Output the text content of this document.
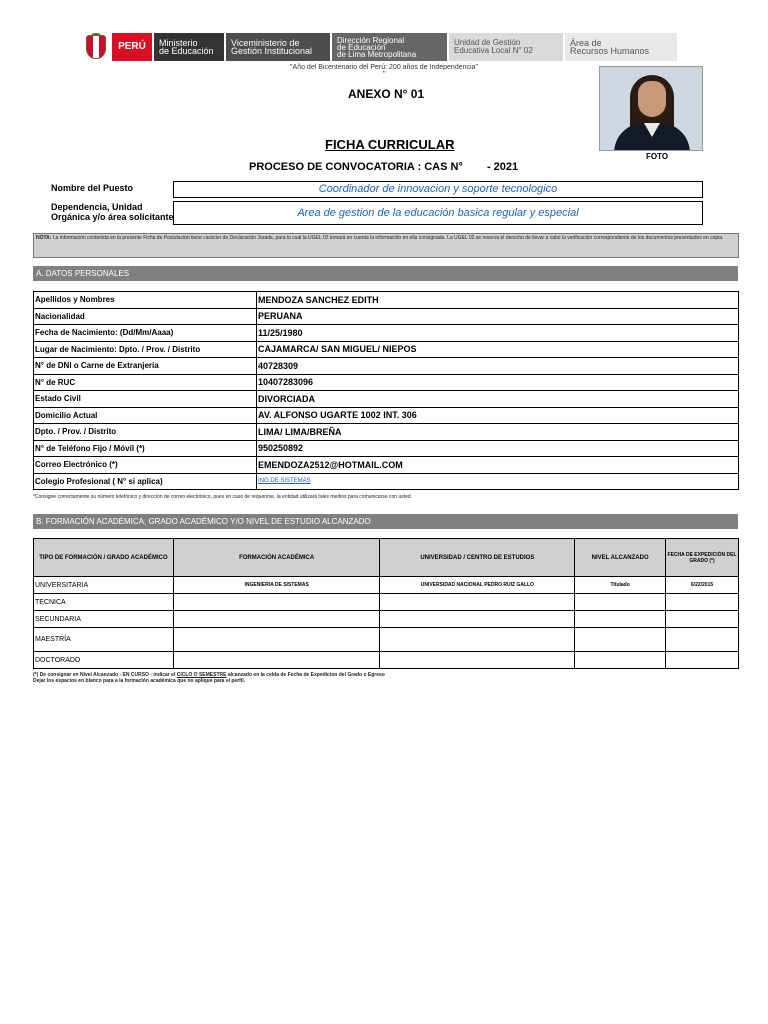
PERÚ Ministerio
de Educación
Viceministerio de
Gestión Institucional
Dirección Regional
de Educación
de Lima Metropolitana
Unidad de Gestión
Educativa Local N° 02
Área de
Recursos Humanos
"Año del Bicentenario del Perú: 200 años de Independencia"
"
ANEXO N° 01
FOTO
FICHA CURRICULAR
PROCESO DE CONVOCATORIA : CAS N° - 2021
Nombre del Puesto	Coordinador de innovacion y soporte tecnologico
Dependencia, Unidad
Orgánica y/o área solicitante	Area de gestion de la educación basica regular y especial
NOTA: La información contenida en la presente Ficha de Postulación tiene carácter de Declaración Jurada, para lo cual la UGEL 02 tomará en cuenta la información en ella consignada. La UGEL 02 se reserva el derecho de llevar a cabo la verificación correspondiente de los documentos presentados en copia.
A. DATOS PERSONALES
Apellidos y Nombres	MENDOZA SANCHEZ EDITH
Nacionalidad	PERUANA
Fecha de Nacimiento: (Dd/Mm/Aaaa)	11/25/1980
Lugar de Nacimiento: Dpto. / Prov. / Distrito	CAJAMARCA/ SAN MIGUEL/ NIEPOS
N° de DNI o Carne de Extranjería	40728309
N° de RUC	10407283096
Estado Civil	DIVORCIADA
Domicilio Actual	AV. ALFONSO UGARTE 1002 INT. 306
Dpto. / Prov. / Distrito	LIMA/ LIMA/BREÑA
N° de Teléfono Fijo / Móvil (*)	950250892
Correo Electrónico (*)	EMENDOZA2512@HOTMAIL.COM
Colegio Profesional ( N° si aplica)	ING.DE SISTEMAS
*Consigne correctamente su número telefónico y dirección de correo electrónico, pues en caso de requerirse, la entidad utilizará tales medios para comunicarse con usted.
B. FORMACIÓN ACADÉMICA, GRADO ACADÉMICO Y/O NIVEL DE ESTUDIO ALCANZADO
TIPO DE FORMACIÓN / GRADO ACADÉMICO	FORMACIÓN ACADÉMICA	UNIVERSIDAD / CENTRO DE ESTUDIOS	NIVEL ALCANZADO	FECHA DE EXPEDICIÓN DEL GRADO (*)
UNIVERSITARIA	INGENIERIA DE SISTEMAS	UNIVERSIDAD NACIONAL PEDRO RUIZ GALLO	Titulado	6/22/2015
TECNICA				
SECUNDARIA				
MAESTRÍA				
DOCTORADO				
(*) De consignar en Nivel Alcanzado - EN CURSO - indicar el CICLO O SEMESTRE alcanzado en la celda de Fecha de Expedicion del Grado o Egreso
Dejar los espacios en blanco para a la formación académica que no aplique para el perfil.
